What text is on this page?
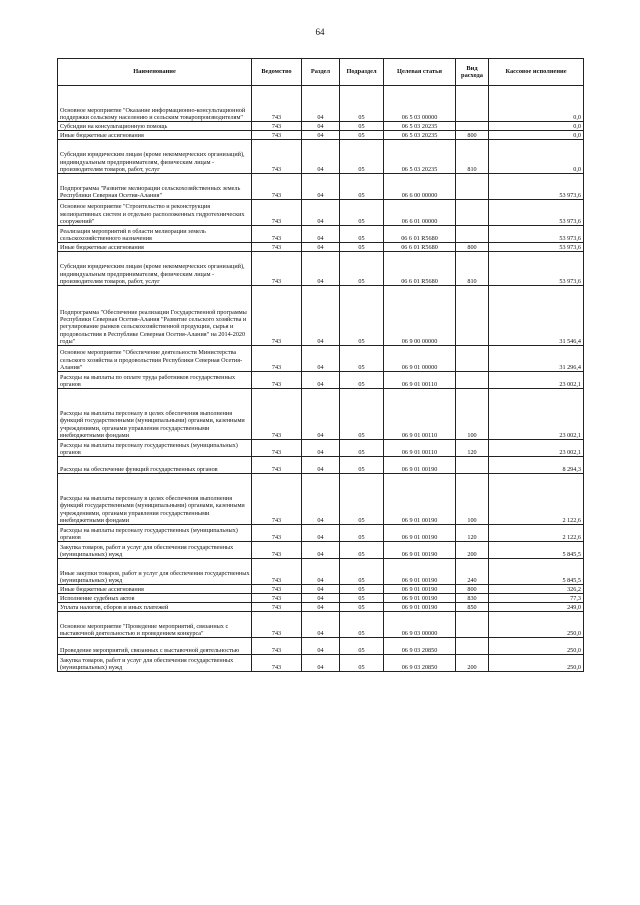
64
Наименование	Ведомство	Раздел	Подраздел	Целевая статья	Вид расхода	Кассовое исполнение
Основное мероприятие "Оказание информационно-консультационной поддержки сельскому населению и сельским товаропроизводителям"	743	04	05	06 5 03 00000		0,0
Субсидии на консультационную помощь	743	04	05	06 5 03 20235		0,0
Иные бюджетные ассигнования	743	04	05	06 5 03 20235	800	0,0
Субсидии юридическим лицам (кроме некоммерческих организаций), индивидуальным предпринимателям, физическим лицам - производителям товаров, работ, услуг	743	04	05	06 5 03 20235	810	0,0
Подпрограмма "Развитие мелиорации сельскохозяйственных земель Республики Северная Осетия-Алания"	743	04	05	06 6 00 00000		53 973,6
Основное мероприятие "Строительство и реконструкция мелиоративных систем и отдельно расположенных гидротехнических сооружений"	743	04	05	06 6 01 00000		53 973,6
Реализация мероприятий в области мелиорации земель сельскохозяйственного назначения	743	04	05	06 6 01 R5680		53 973,6
Иные бюджетные ассигнования	743	04	05	06 6 01 R5680	800	53 973,6
Субсидии юридическим лицам (кроме некоммерческих организаций), индивидуальным предпринимателям, физическим лицам - производителям товаров, работ, услуг	743	04	05	06 6 01 R5680	810	53 973,6
Подпрограмма "Обеспечение реализации Государственной программы Республики Северная Осетия-Алания "Развитие сельского хозяйства и регулирование рынков сельскохозяйственной продукции, сырья и продовольствия в Республике Северная Осетия-Алания" на 2014-2020 годы"	743	04	05	06 9 00 00000		31 546,4
Основное мероприятие "Обеспечение деятельности Министерства сельского хозяйства и продовольствия Республики Северная Осетия-Алания"	743	04	05	06 9 01 00000		31 296,4
Расходы на выплаты по оплате труда работников государственных органов	743	04	05	06 9 01 00110		23 002,1
Расходы на выплаты персоналу в целях обеспечения выполнения функций государственными (муниципальными) органами, казенными учреждениями, органами управления государственными внебюджетными фондами	743	04	05	06 9 01 00110	100	23 002,1
Расходы на выплаты персоналу государственных (муниципальных) органов	743	04	05	06 9 01 00110	120	23 002,1
Расходы на обеспечение функций государственных органов	743	04	05	06 9 01 00190		8 294,3
Расходы на выплаты персоналу в целях обеспечения выполнения функций государственными (муниципальными) органами, казенными учреждениями, органами управления государственными внебюджетными фондами	743	04	05	06 9 01 00190	100	2 122,6
Расходы на выплаты персоналу государственных (муниципальных) органов	743	04	05	06 9 01 00190	120	2 122,6
Закупка товаров, работ и услуг для обеспечения государственных (муниципальных) нужд	743	04	05	06 9 01 00190	200	5 845,5
Иные закупки товаров, работ и услуг для обеспечения государственных (муниципальных) нужд	743	04	05	06 9 01 00190	240	5 845,5
Иные бюджетные ассигнования	743	04	05	06 9 01 00190	800	326,2
Исполнение судебных актов	743	04	05	06 9 01 00190	830	77,3
Уплата налогов, сборов и иных платежей	743	04	05	06 9 01 00190	850	249,0
Основное мероприятие "Проведение мероприятий, связанных с выставочной деятельностью и проведением конкурса"	743	04	05	06 9 03 00000		250,0
Проведение мероприятий, связанных с выставочной деятельностью	743	04	05	06 9 03 20850		250,0
Закупка товаров, работ и услуг для обеспечения государственных (муниципальных) нужд	743	04	05	06 9 03 20850	200	250,0
